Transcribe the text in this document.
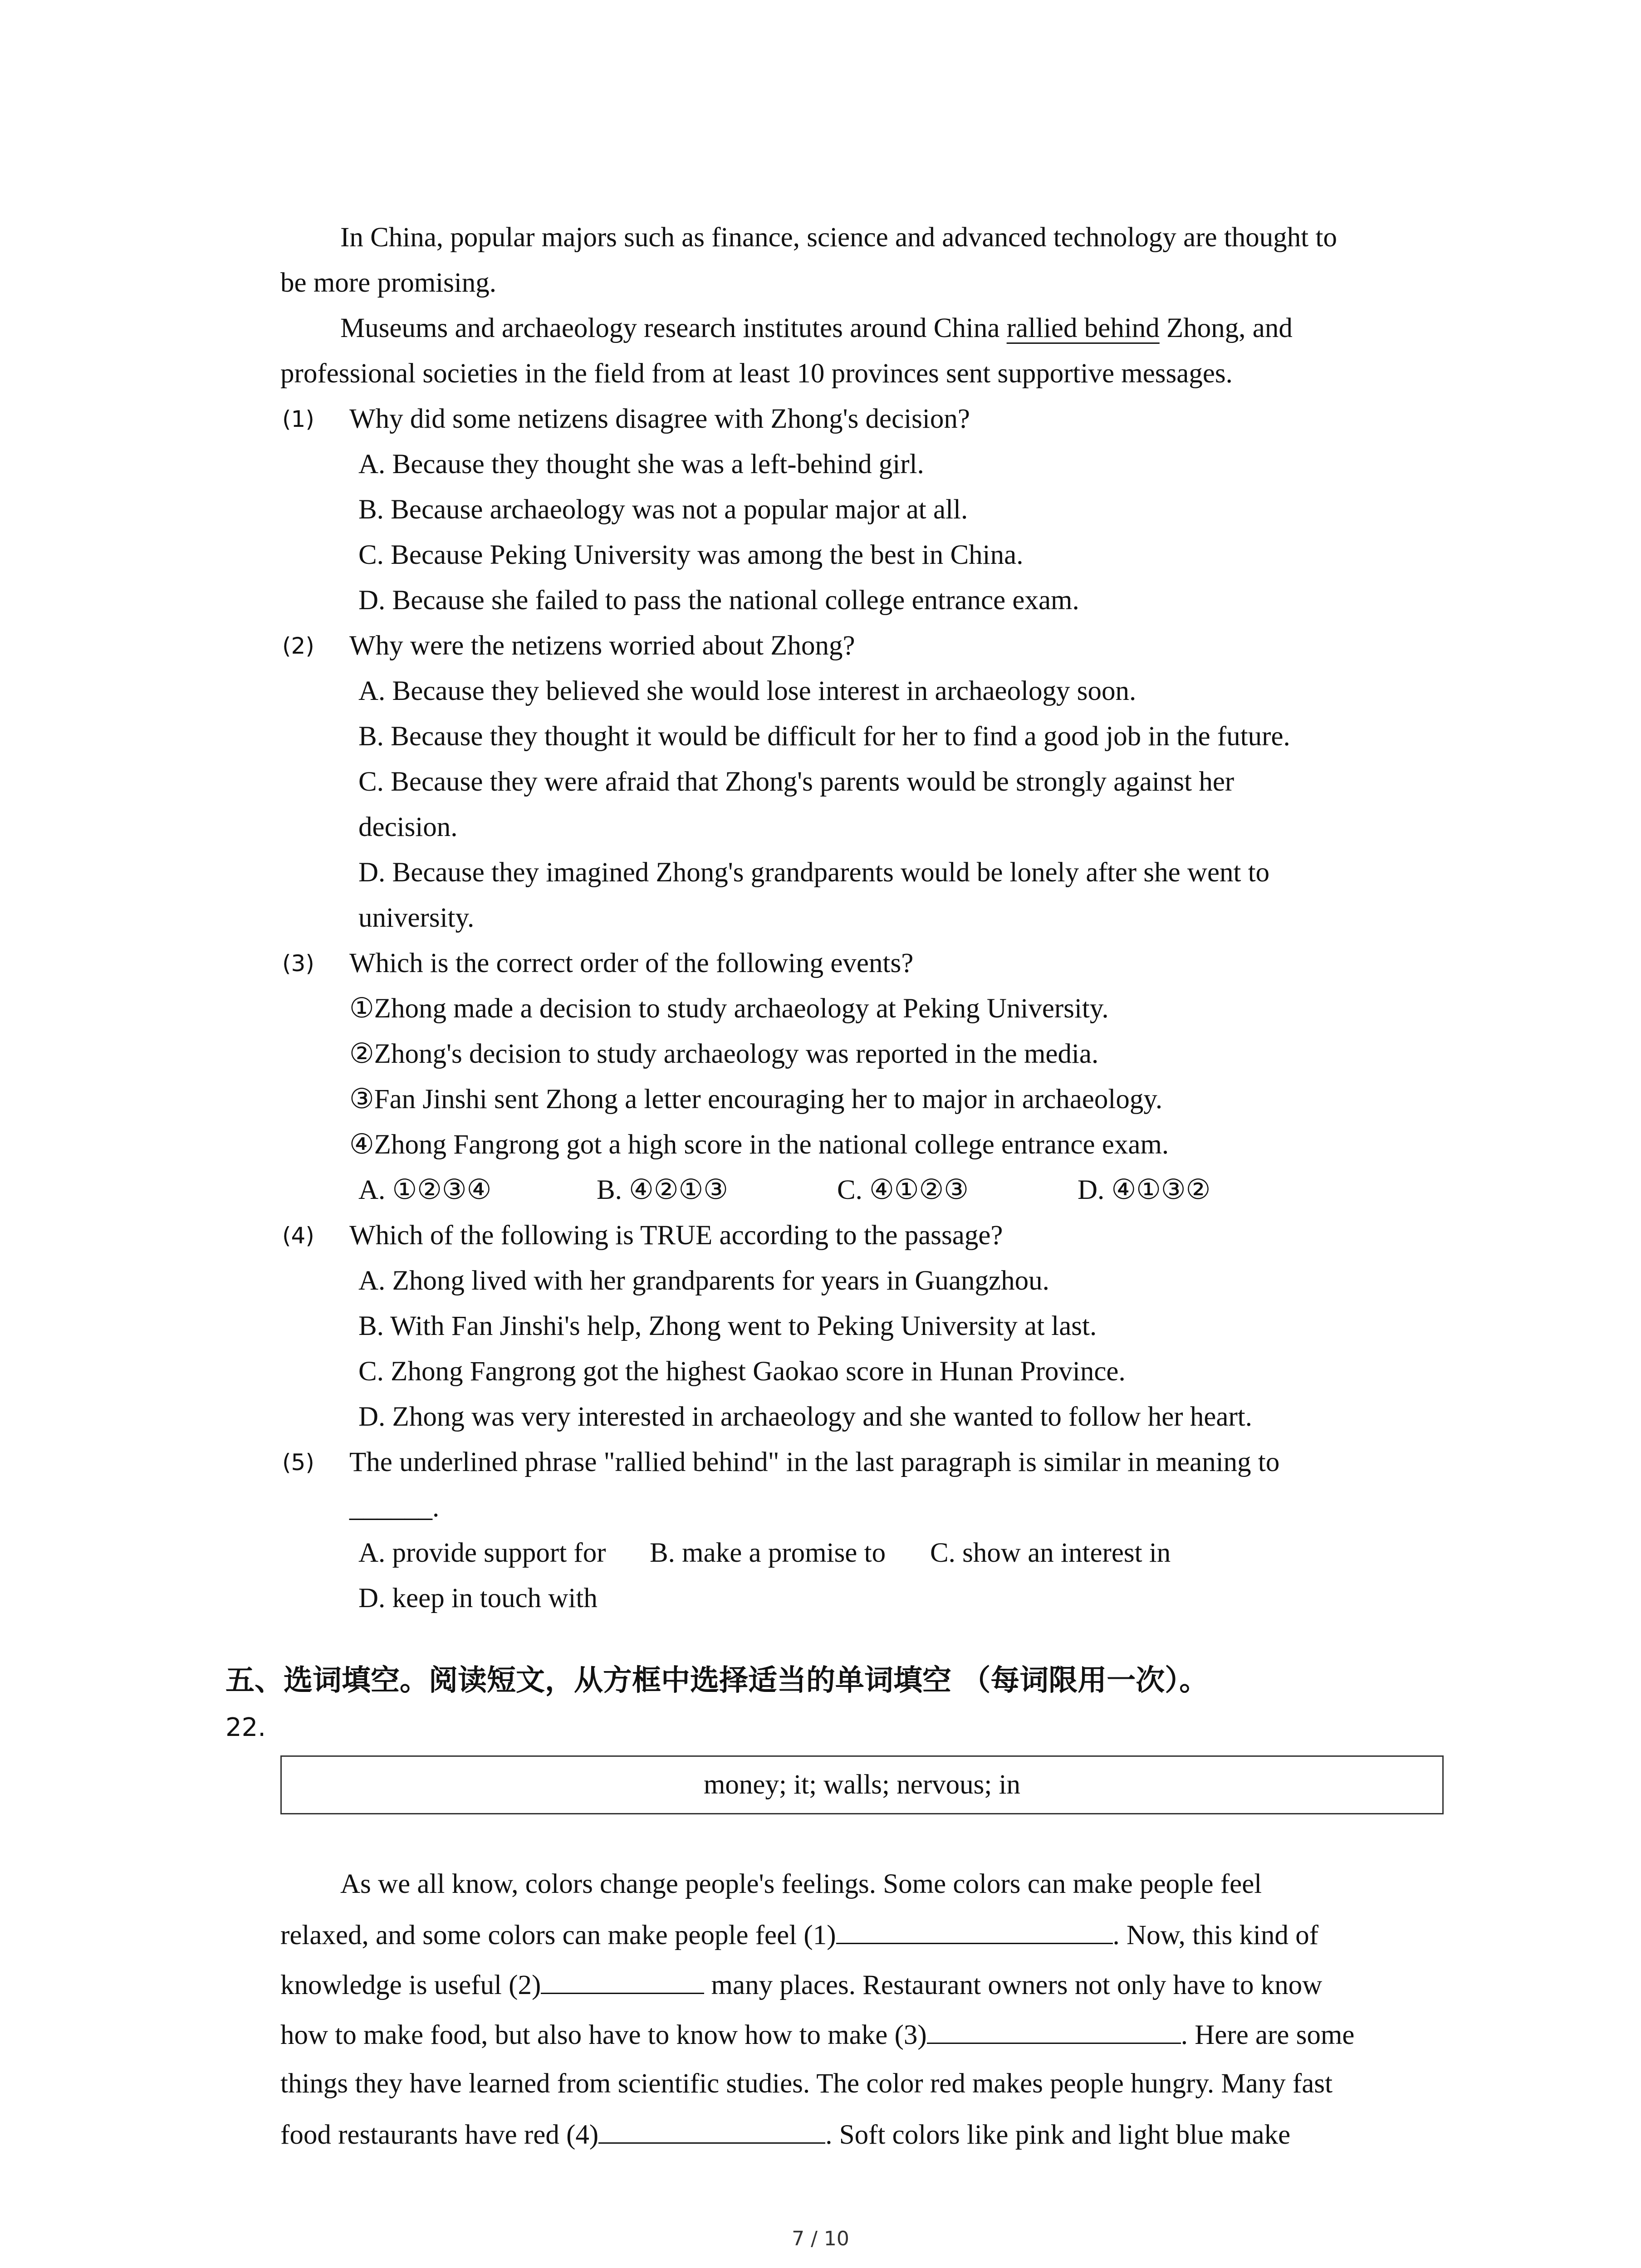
In China, popular majors such as finance, science and advanced technology are thought to
be more promising.
Museums and archaeology research institutes around China rallied behind Zhong, and
professional societies in the field from at least 10 provinces sent supportive messages.
(1) Why did some netizens disagree with Zhong's decision?
A. Because they thought she was a left-behind girl.
B. Because archaeology was not a popular major at all.
C. Because Peking University was among the best in China.
D. Because she failed to pass the national college entrance exam.
(2) Why were the netizens worried about Zhong?
A. Because they believed she would lose interest in archaeology soon.
B. Because they thought it would be difficult for her to find a good job in the future.
C. Because they were afraid that Zhong's parents would be strongly against her
decision.
D. Because they imagined Zhong's grandparents would be lonely after she went to
university.
(3) Which is the correct order of the following events?
①Zhong made a decision to study archaeology at Peking University.
②Zhong's decision to study archaeology was reported in the media.
③Fan Jinshi sent Zhong a letter encouraging her to major in archaeology.
④Zhong Fangrong got a high score in the national college entrance exam.
A. ①②③④	B. ④②①③	C. ④①②③	D. ④①③②
(4) Which of the following is TRUE according to the passage?
A. Zhong lived with her grandparents for years in Guangzhou.
B. With Fan Jinshi's help, Zhong went to Peking University at last.
C. Zhong Fangrong got the highest Gaokao score in Hunan Province.
D. Zhong was very interested in archaeology and she wanted to follow her heart.
(5) The underlined phrase "rallied behind" in the last paragraph is similar in meaning to
______.
A. provide support for B. make a promise to C. show an interest in
D. keep in touch with
五、选词填空。阅读短文，从方框中选择适当的单词填空 （每词限用一次）。
22.
money; it; walls; nervous; in
As we all know, colors change people's feelings. Some colors can make people feel
relaxed, and some colors can make people feel (1)	. Now, this kind of
knowledge is useful (2)	many places. Restaurant owners not only have to know
how to make food, but also have to know how to make (3)	. Here are some
things they have learned from scientific studies. The color red makes people hungry. Many fast
food restaurants have red (4)	. Soft colors like pink and light blue make
7 / 10
